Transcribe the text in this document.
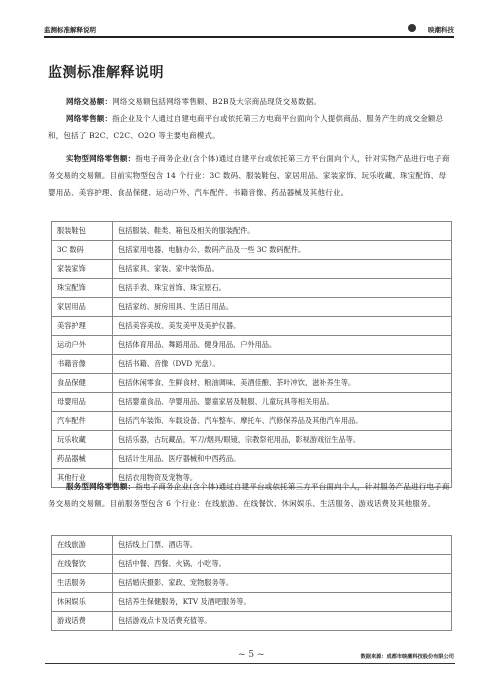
监测标准解释说明	映潮科技
监测标准解释说明

网络交易额：网络交易额包括网络零售额、B2B及大宗商品现货交易数据。

网络零售额：指企业及个人通过自建电商平台或依托第三方电商平台面向个人提供商品、服务产生的成交金额总和，包括了 B2C、C2C、O2O 等主要电商模式。

实物型网络零售额：指电子商务企业(含个体)通过自建平台或依托第三方平台面向个人，针对实物产品进行电子商务交易的交易额。目前实物型包含 14 个行业：3C 数码、服装鞋包、家居用品、家装家饰、玩乐收藏、珠宝配饰、母婴用品、美容护理、食品保健、运动户外、汽车配件、书籍音像、药品器械及其他行业。

服装鞋包	包括服装、鞋类、箱包及相关的服装配件。
3C 数码	包括家用电器、电脑办公、数码产品及一些 3C 数码配件。
家装家饰	包括家具、家装、家中装饰品。
珠宝配饰	包括手表、珠宝首饰、珠宝原石。
家居用品	包括家纺、厨房用具、生活日用品。
美容护理	包括美容美妆、美发美甲及美护仪器。
运动户外	包括体育用品、舞蹈用品、健身用品、户外用品。
书籍音像	包括书籍、音像（DVD 光盘）。
食品保健	包括休闲零食、生鲜食材、粮油调味、美酒佳酿、茶叶冲饮、滋补养生等。
母婴用品	包括婴童食品、孕婴用品、婴童家居及鞋服、儿童玩具等相关用品。
汽车配件	包括汽车装饰、车载设备、汽车整车、摩托车、汽修保养品及其他汽车用品。
玩乐收藏	包括乐器，古玩藏品，军刀/烟具/眼镜，宗教祭祀用品，影视游戏衍生品等。
药品器械	包括计生用品、医疗器械和中西药品。
其他行业	包括衣用物资及宠物等。

服务型网络零售额：指电子商务企业(含个体)通过自建平台或依托第三方平台面向个人，针对服务产品进行电子商务交易的交易额。目前服务型包含 6 个行业：在线旅游、在线餐饮、休闲娱乐、生活服务、游戏话费及其他服务。

在线旅游	包括线上门票、酒店等。
在线餐饮	包括中餐、西餐、火锅、小吃等。
生活服务	包括婚庆摄影、家政、宠物服务等。
休闲娱乐	包括养生保健服务，KTV 及酒吧服务等。
游戏话费	包括游戏点卡及话费充值等。
~ 5 ~	数据来源：成都市映潮科技股份有限公司
